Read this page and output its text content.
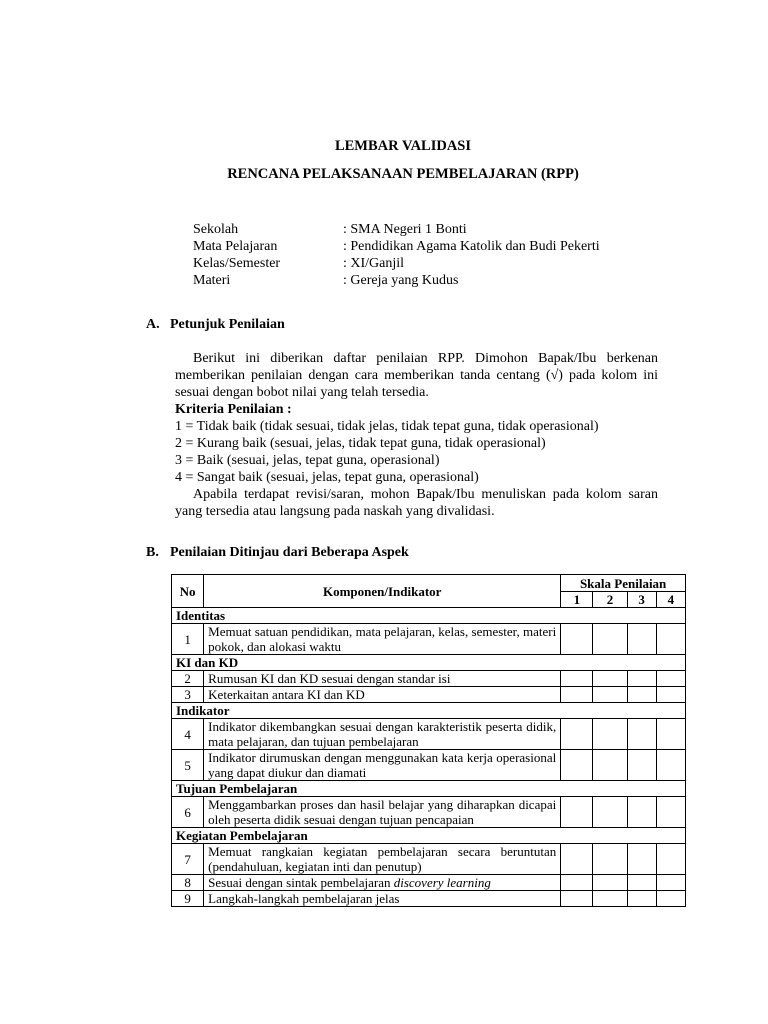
LEMBAR VALIDASI
RENCANA PELAKSANAAN PEMBELAJARAN (RPP)
Sekolah	: SMA Negeri 1 Bonti
Mata Pelajaran	: Pendidikan Agama Katolik dan Budi Pekerti
Kelas/Semester	: XI/Ganjil
Materi	: Gereja yang Kudus
A. Petunjuk Penilaian

Berikut ini diberikan daftar penilaian RPP. Dimohon Bapak/Ibu berkenan memberikan penilaian dengan cara memberikan tanda centang (√) pada kolom ini sesuai dengan bobot nilai yang telah tersedia.

Kriteria Penilaian :

1 = Tidak baik (tidak sesuai, tidak jelas, tidak tepat guna, tidak operasional)

2 = Kurang baik (sesuai, jelas, tidak tepat guna, tidak operasional)

3 = Baik (sesuai, jelas, tepat guna, operasional)

4 = Sangat baik (sesuai, jelas, tepat guna, operasional)

Apabila terdapat revisi/saran, mohon Bapak/Ibu menuliskan pada kolom saran yang tersedia atau langsung pada naskah yang divalidasi.

B. Penilaian Ditinjau dari Beberapa Aspek
No	Komponen/Indikator	Skala Penilaian			
		1	2	3	4
Identitas					
1	Memuat satuan pendidikan, mata pelajaran, kelas, semester, materi pokok, dan alokasi waktu				
KI dan KD					
2	Rumusan KI dan KD sesuai dengan standar isi				
3	Keterkaitan antara KI dan KD				
Indikator					
4	Indikator dikembangkan sesuai dengan karakteristik peserta didik, mata pelajaran, dan tujuan pembelajaran				
5	Indikator dirumuskan dengan menggunakan kata kerja operasional yang dapat diukur dan diamati				
Tujuan Pembelajaran					
6	Menggambarkan proses dan hasil belajar yang diharapkan dicapai oleh peserta didik sesuai dengan tujuan pencapaian				
Kegiatan Pembelajaran					
7	Memuat rangkaian kegiatan pembelajaran secara beruntutan (pendahuluan, kegiatan inti dan penutup)				
8	Sesuai dengan sintak pembelajaran discovery learning				
9	Langkah-langkah pembelajaran jelas				
